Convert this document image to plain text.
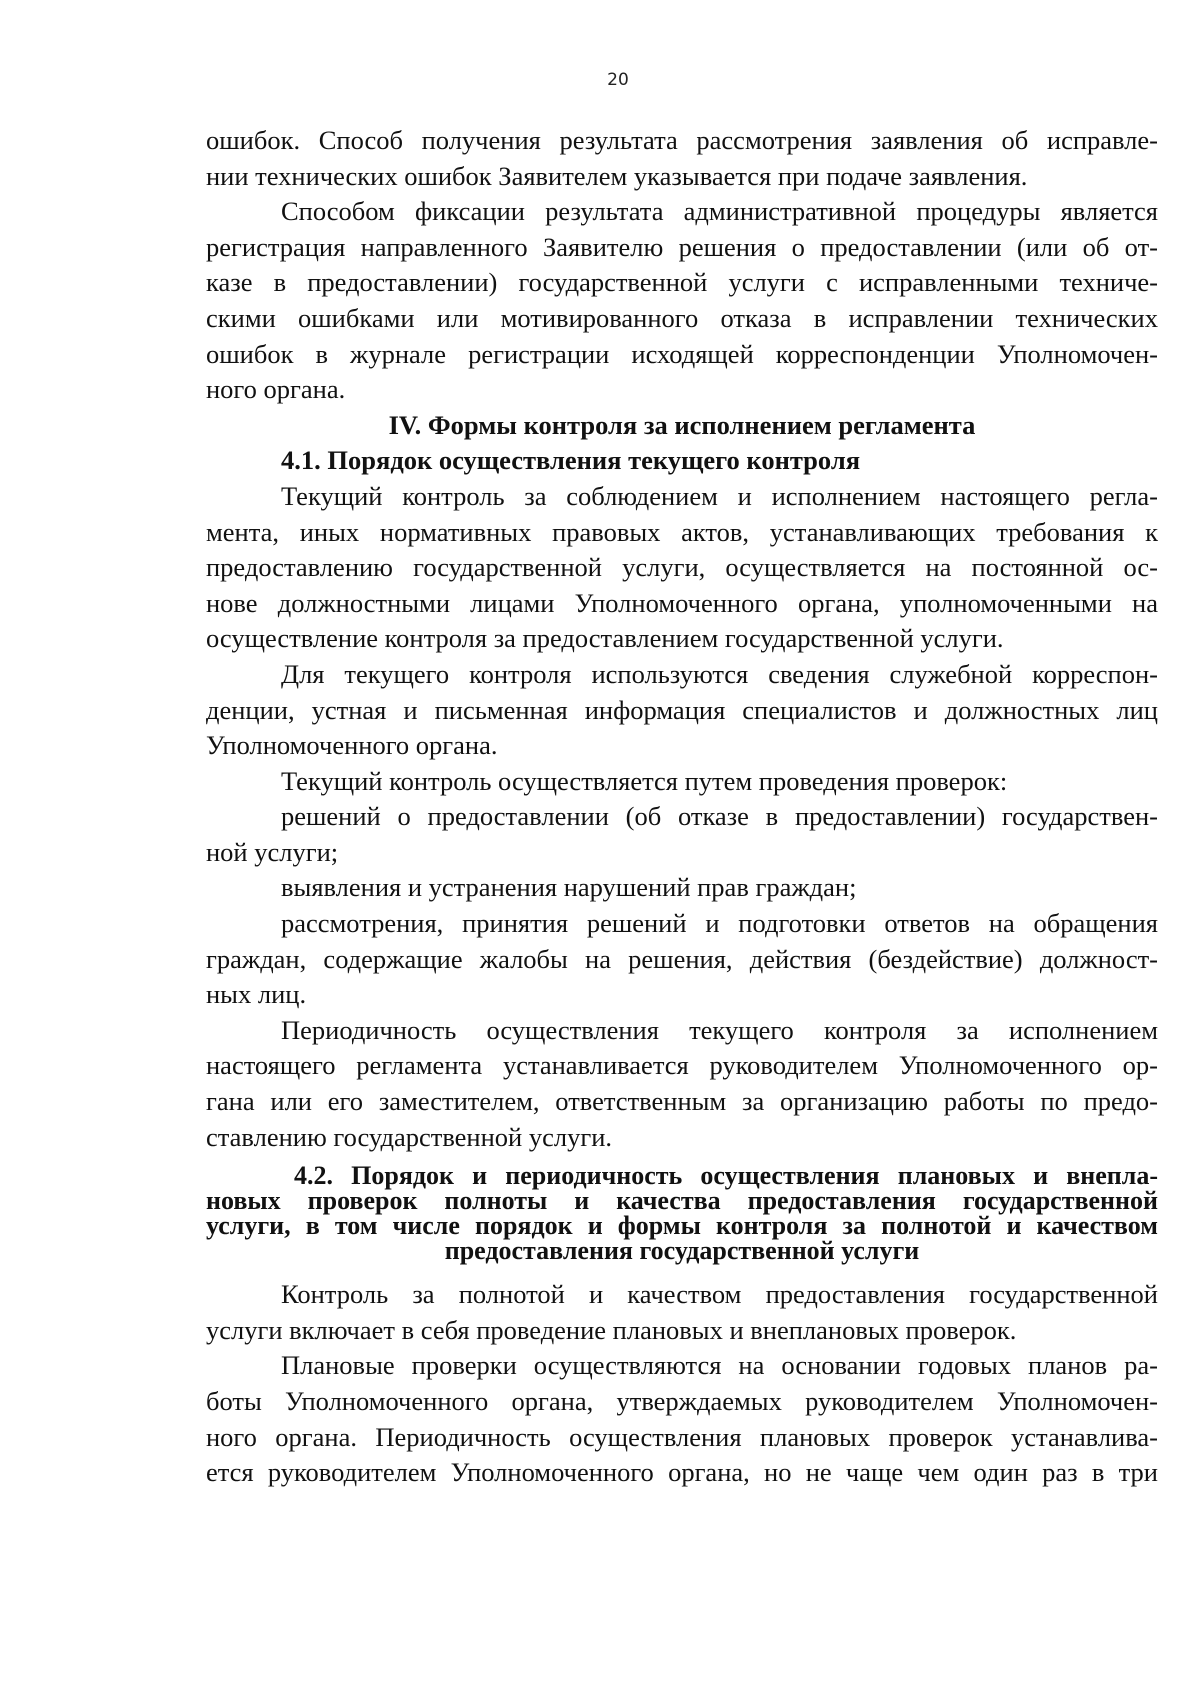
20
ошибок. Способ получения результата рассмотрения заявления об исправле-
нии технических ошибок Заявителем указывается при подаче заявления.
Способом фиксации результата административной процедуры является
регистрация направленного Заявителю решения о предоставлении (или об от-
казе в предоставлении) государственной услуги с исправленными техниче-
скими ошибками или мотивированного отказа в исправлении технических
ошибок в журнале регистрации исходящей корреспонденции Уполномочен-
ного органа.
IV. Формы контроля за исполнением регламента
4.1. Порядок осуществления текущего контроля
Текущий контроль за соблюдением и исполнением настоящего регла-
мента, иных нормативных правовых актов, устанавливающих требования к
предоставлению государственной услуги, осуществляется на постоянной ос-
нове должностными лицами Уполномоченного органа, уполномоченными на
осуществление контроля за предоставлением государственной услуги.
Для текущего контроля используются сведения служебной корреспон-
денции, устная и письменная информация специалистов и должностных лиц
Уполномоченного органа.
Текущий контроль осуществляется путем проведения проверок:
решений о предоставлении (об отказе в предоставлении) государствен-
ной услуги;
выявления и устранения нарушений прав граждан;
рассмотрения, принятия решений и подготовки ответов на обращения
граждан, содержащие жалобы на решения, действия (бездействие) должност-
ных лиц.
Периодичность осуществления текущего контроля за исполнением
настоящего регламента устанавливается руководителем Уполномоченного ор-
гана или его заместителем, ответственным за организацию работы по предо-
ставлению государственной услуги.
4.2. Порядок и периодичность осуществления плановых и внепла-
новых проверок полноты и качества предоставления государственной
услуги, в том числе порядок и формы контроля за полнотой и качеством
предоставления государственной услуги
Контроль за полнотой и качеством предоставления государственной
услуги включает в себя проведение плановых и внеплановых проверок.
Плановые проверки осуществляются на основании годовых планов ра-
боты Уполномоченного органа, утверждаемых руководителем Уполномочен-
ного органа. Периодичность осуществления плановых проверок устанавлива-
ется руководителем Уполномоченного органа, но не чаще чем один раз в три
